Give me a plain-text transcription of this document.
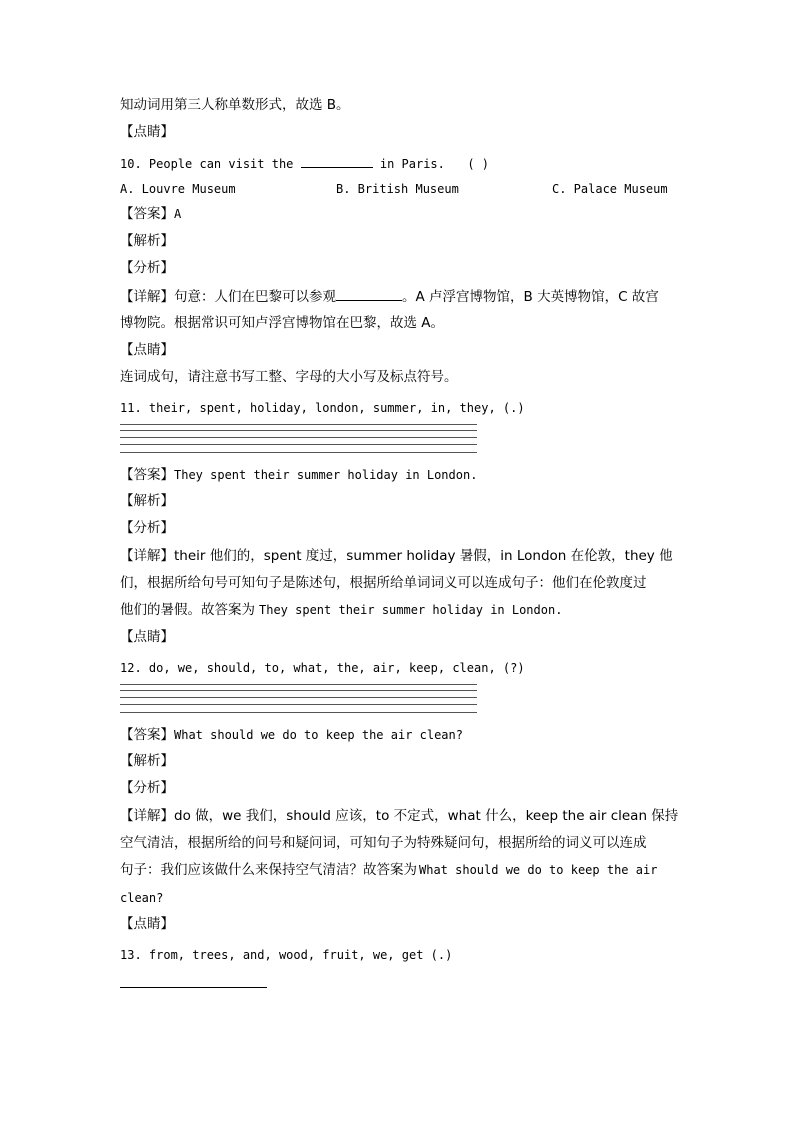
知动词用第三人称单数形式，故选 B。
【点睛】
10. People can visit the	in Paris. ( )
A. Louvre Museum	B. British Museum	C. Palace Museum
【答案】A
【解析】
【分析】
【详解】句意：人们在巴黎可以参观	。A 卢浮宫博物馆，B 大英博物馆，C 故宫
博物院。根据常识可知卢浮宫博物馆在巴黎，故选 A。
【点睛】
连词成句，请注意书写工整、字母的大小写及标点符号。
11. their, spent, holiday, london, summer, in, they, (.)
【答案】They spent their summer holiday in London.
【解析】
【分析】
【详解】their 他们的，spent 度过，summer holiday 暑假，in London 在伦敦，they 他
们，根据所给句号可知句子是陈述句，根据所给单词词义可以连成句子：他们在伦敦度过
他们的暑假。故答案为 They spent their summer holiday in London.
【点睛】
12. do, we, should, to, what, the, air, keep, clean, (?)
【答案】What should we do to keep the air clean?
【解析】
【分析】
【详解】do 做，we 我们，should 应该，to 不定式，what 什么，keep the air clean 保持
空气清洁，根据所给的问号和疑问词，可知句子为特殊疑问句，根据所给的词义可以连成
句子：我们应该做什么来保持空气清洁？故答案为 What should we do to keep the air
clean?
【点睛】
13. from, trees, and, wood, fruit, we, get (.)
